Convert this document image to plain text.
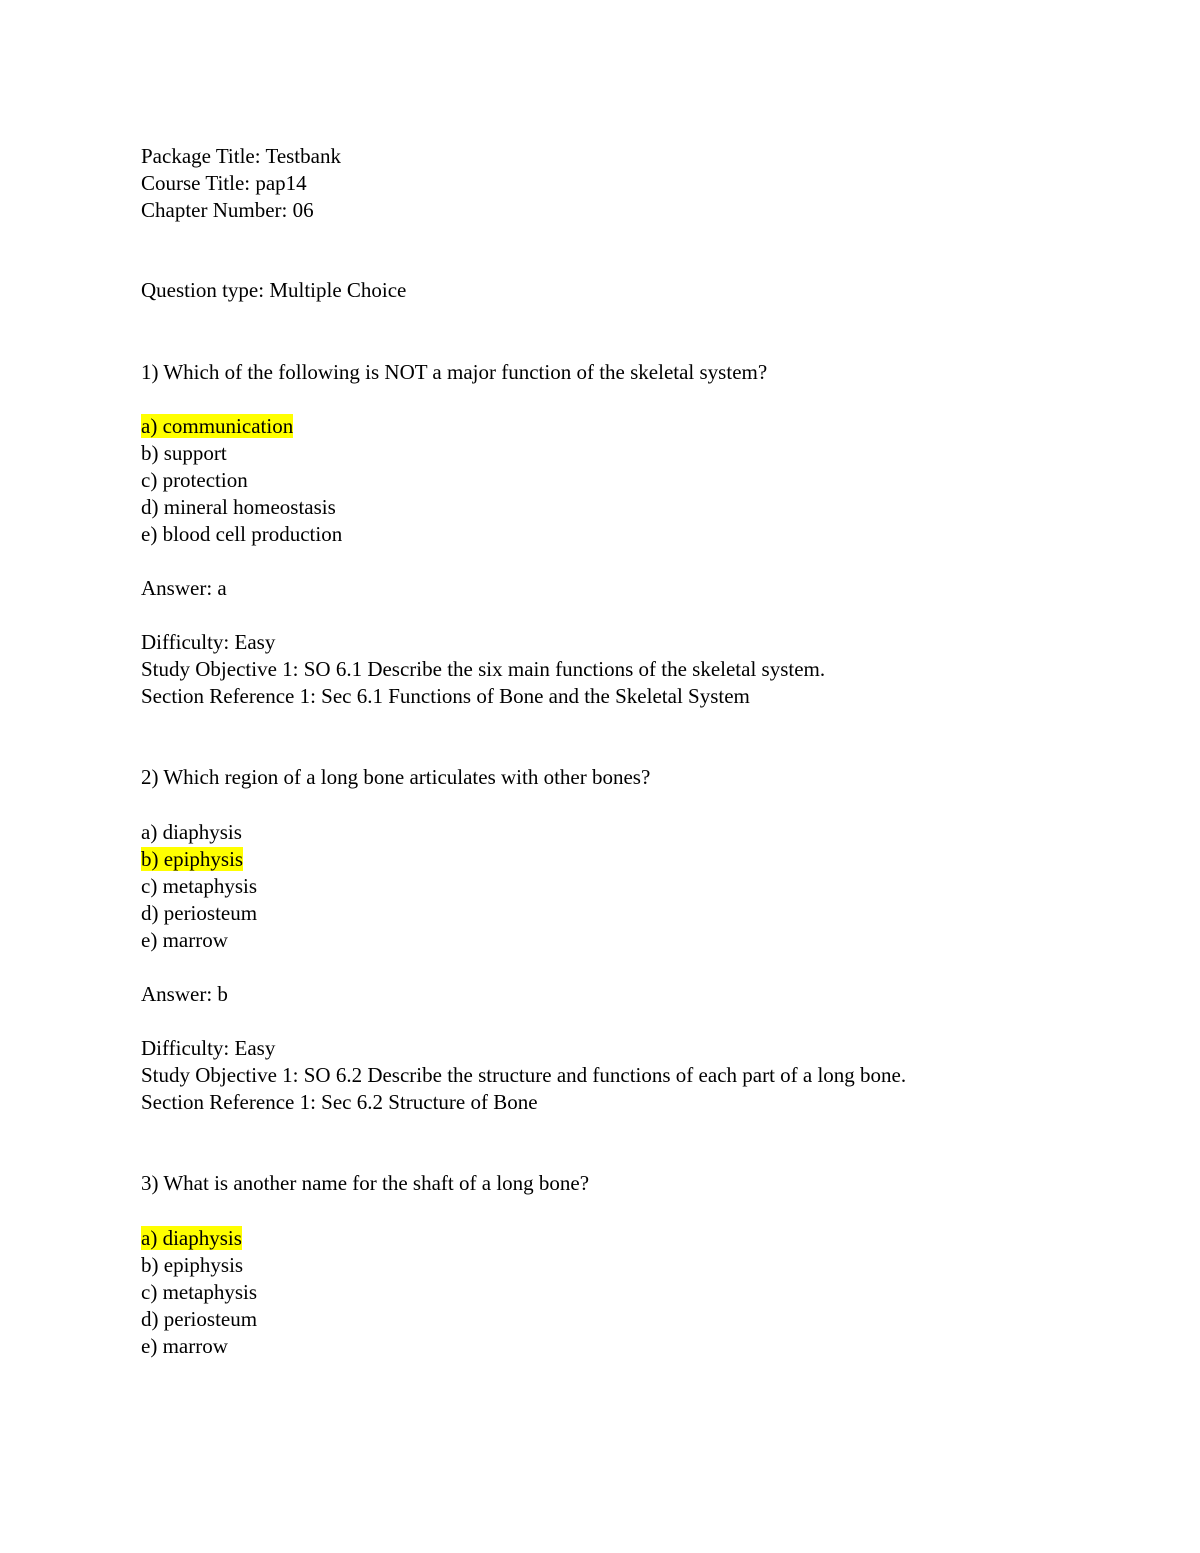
Package Title: Testbank
Course Title: pap14
Chapter Number: 06
Question type: Multiple Choice
1) Which of the following is NOT a major function of the skeletal system?
a) communication
b) support
c) protection
d) mineral homeostasis
e) blood cell production
Answer: a
Difficulty: Easy
Study Objective 1: SO 6.1 Describe the six main functions of the skeletal system.
Section Reference 1: Sec 6.1 Functions of Bone and the Skeletal System
2) Which region of a long bone articulates with other bones?
a) diaphysis
b) epiphysis
c) metaphysis
d) periosteum
e) marrow
Answer: b
Difficulty: Easy
Study Objective 1: SO 6.2 Describe the structure and functions of each part of a long bone.
Section Reference 1: Sec 6.2 Structure of Bone
3) What is another name for the shaft of a long bone?
a) diaphysis
b) epiphysis
c) metaphysis
d) periosteum
e) marrow
